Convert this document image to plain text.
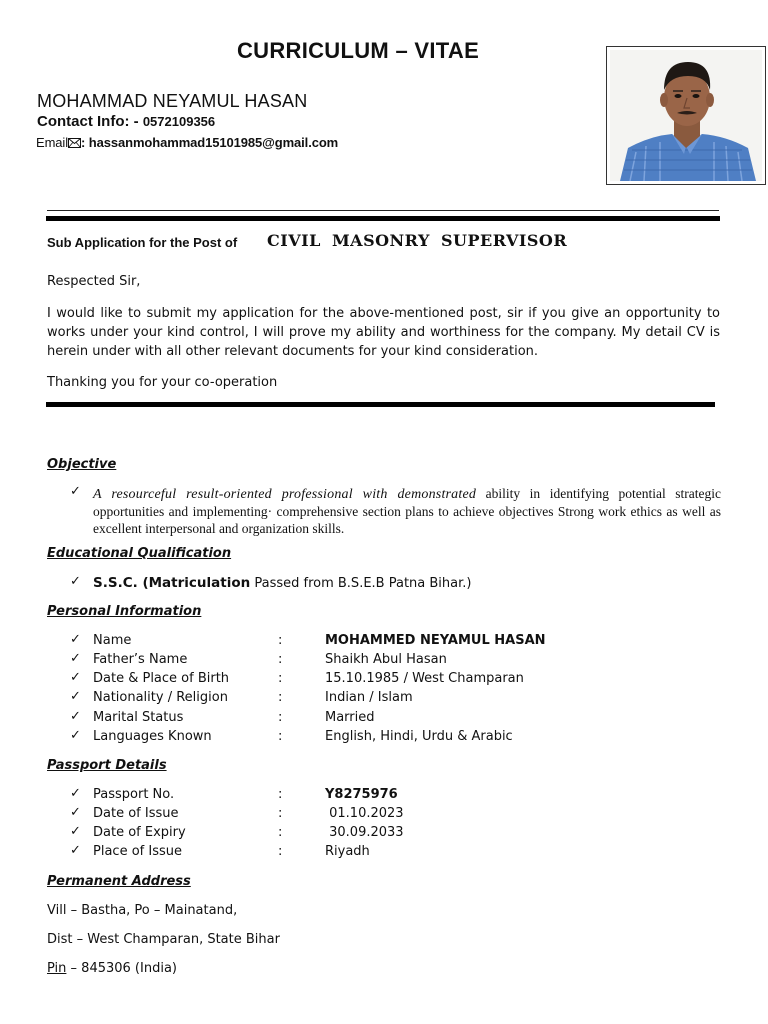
CURRICULUM – VITAE
MOHAMMAD NEYAMUL HASAN
Contact Info: - 0572109356
Email : hassanmohammad15101985@gmail.com
Sub Application for the Post of CIVIL MASONRY SUPERVISOR
Respected Sir,
I would like to submit my application for the above-mentioned post, sir if you give an opportunity to works under your kind control, I will prove my ability and worthiness for the company. My detail CV is herein under with all other relevant documents for your kind consideration.
Thanking you for your co-operation
Objective
✓ A resourceful result-oriented professional with demonstrated ability in identifying potential strategic opportunities and implementing· comprehensive section plans to achieve objectives Strong work ethics as well as excellent interpersonal and organization skills.
Educational Qualification
✓ S.S.C. (Matriculation Passed from B.S.E.B Patna Bihar.)
Personal Information
✓ Name	:	MOHAMMED NEYAMUL HASAN
✓ Father’s Name	:	Shaikh Abul Hasan
✓ Date & Place of Birth	:	15.10.1985 / West Champaran
✓ Nationality / Religion	:	Indian / Islam
✓ Marital Status	:	Married
✓ Languages Known	:	English, Hindi, Urdu & Arabic
Passport Details
✓ Passport No.	:	Y8275976
✓ Date of Issue	:	01.10.2023
✓ Date of Expiry	:	30.09.2033
✓ Place of Issue	:	Riyadh
Permanent Address
Vill – Bastha, Po – Mainatand,
Dist – West Champaran, State Bihar
Pin – 845306 (India)
